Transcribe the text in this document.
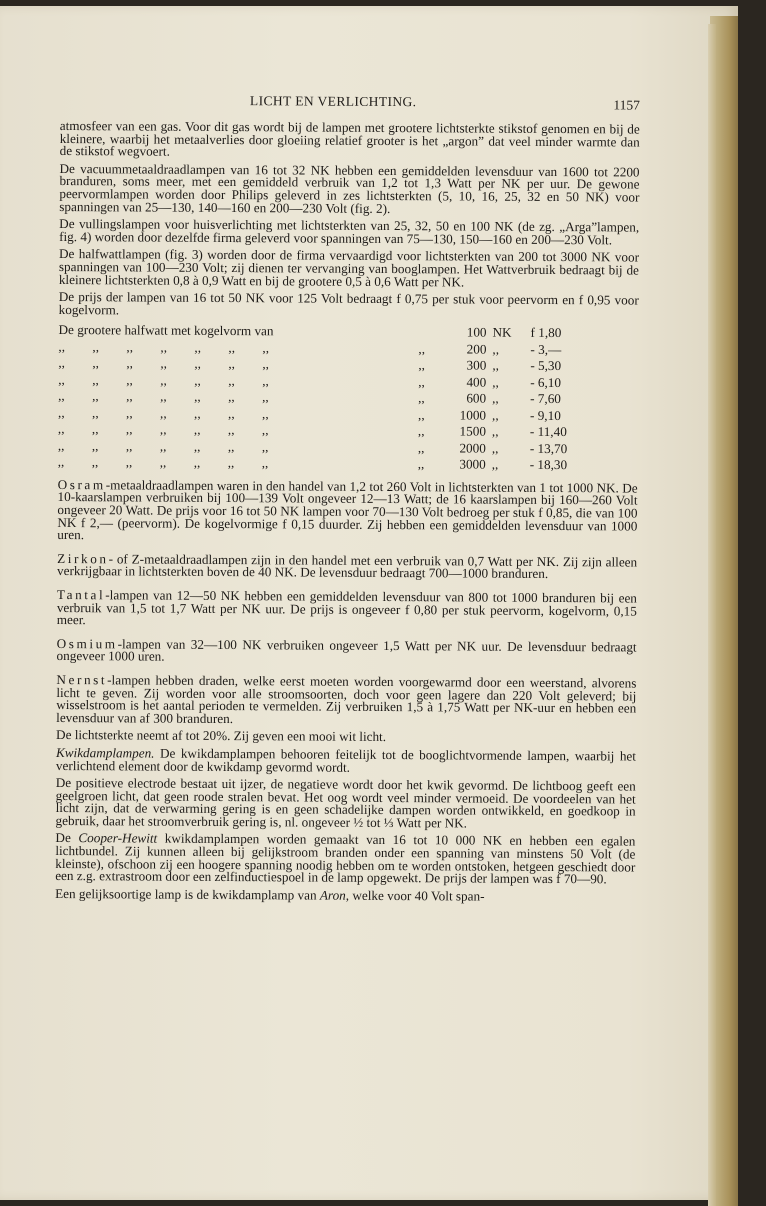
LICHT EN VERLICHTING.	1157

atmosfeer van een gas. Voor dit gas wordt bij de lampen met grootere lichtsterkte stikstof genomen en bij de kleinere, waarbij het metaalverlies door gloeiing relatief grooter is het „argon” dat veel minder warmte dan de stikstof wegvoert.

De vacuummetaaldraadlampen van 16 tot 32 NK hebben een gemiddelden levensduur van 1600 tot 2200 branduren, soms meer, met een gemiddeld verbruik van 1,2 tot 1,3 Watt per NK per uur. De gewone peervormlampen worden door Philips geleverd in zes lichtsterkten (5, 10, 16, 25, 32 en 50 NK) voor spanningen van 25—130, 140—160 en 200—230 Volt (fig. 2).

De vullingslampen voor huisverlichting met lichtsterkten van 25, 32, 50 en 100 NK (de zg. „Arga”lampen, fig. 4) worden door dezelfde firma geleverd voor spanningen van 75—130, 150—160 en 200—230 Volt.

De halfwattlampen (fig. 3) worden door de firma vervaardigd voor lichtsterkten van 200 tot 3000 NK voor spanningen van 100—230 Volt; zij dienen ter vervanging van booglampen. Het Wattverbruik bedraagt bij de kleinere lichtsterkten 0,8 à 0,9 Watt en bij de grootere 0,5 à 0,6 Watt per NK.

De prijs der lampen van 16 tot 50 NK voor 125 Volt bedraagt f 0,75 per stuk voor peervorm en f 0,95 voor kogelvorm.

De grootere halfwatt met kogelvorm van		100	NK	f 1,80
,, ,, ,, ,, ,, ,, ,,	,,	200	,,	- 3,—
,, ,, ,, ,, ,, ,, ,,	,,	300	,,	- 5,30
,, ,, ,, ,, ,, ,, ,,	,,	400	,,	- 6,10
,, ,, ,, ,, ,, ,, ,,	,,	600	,,	- 7,60
,, ,, ,, ,, ,, ,, ,,	,,	1000	,,	- 9,10
,, ,, ,, ,, ,, ,, ,,	,,	1500	,,	- 11,40
,, ,, ,, ,, ,, ,, ,,	,,	2000	,,	- 13,70
,, ,, ,, ,, ,, ,, ,,	,,	3000	,,	- 18,30

Osram-metaaldraadlampen waren in den handel van 1,2 tot 260 Volt in lichtsterkten van 1 tot 1000 NK. De 10-kaarslampen verbruiken bij 100—139 Volt ongeveer 12—13 Watt; de 16 kaarslampen bij 160—260 Volt ongeveer 20 Watt. De prijs voor 16 tot 50 NK lampen voor 70—130 Volt bedroeg per stuk f 0,85, die van 100 NK f 2,— (peervorm). De kogelvormige f 0,15 duurder. Zij hebben een gemiddelden levensduur van 1000 uren.

Zirkon- of Z-metaaldraadlampen zijn in den handel met een verbruik van 0,7 Watt per NK. Zij zijn alleen verkrijgbaar in lichtsterkten boven de 40 NK. De levensduur bedraagt 700—1000 branduren.

Tantal-lampen van 12—50 NK hebben een gemiddelden levensduur van 800 tot 1000 branduren bij een verbruik van 1,5 tot 1,7 Watt per NK uur. De prijs is ongeveer f 0,80 per stuk peervorm, kogelvorm, 0,15 meer.

Osmium-lampen van 32—100 NK verbruiken ongeveer 1,5 Watt per NK uur. De levensduur bedraagt ongeveer 1000 uren.

Nernst-lampen hebben draden, welke eerst moeten worden voorgewarmd door een weerstand, alvorens licht te geven. Zij worden voor alle stroomsoorten, doch voor geen lagere dan 220 Volt geleverd; bij wisselstroom is het aantal perioden te vermelden. Zij verbruiken 1,5 à 1,75 Watt per NK-uur en hebben een levensduur van af 300 branduren.

De lichtsterkte neemt af tot 20%. Zij geven een mooi wit licht.

Kwikdamplampen. De kwikdamplampen behooren feitelijk tot de booglichtvormende lampen, waarbij het verlichtend element door de kwikdamp gevormd wordt.

De positieve electrode bestaat uit ijzer, de negatieve wordt door het kwik gevormd. De lichtboog geeft een geelgroen licht, dat geen roode stralen bevat. Het oog wordt veel minder vermoeid. De voordeelen van het licht zijn, dat de verwarming gering is en geen schadelijke dampen worden ontwikkeld, en goedkoop in gebruik, daar het stroomverbruik gering is, nl. ongeveer ½ tot ⅓ Watt per NK.

De Cooper-Hewitt kwikdamplampen worden gemaakt van 16 tot 10 000 NK en hebben een egalen lichtbundel. Zij kunnen alleen bij gelijkstroom branden onder een spanning van minstens 50 Volt (de kleinste), ofschoon zij een hoogere spanning noodig hebben om te worden ontstoken, hetgeen geschiedt door een z.g. extrastroom door een zelfinductiespoel in de lamp opgewekt. De prijs der lampen was f 70—90.

Een gelijksoortige lamp is de kwikdamplamp van Aron, welke voor 40 Volt span-
